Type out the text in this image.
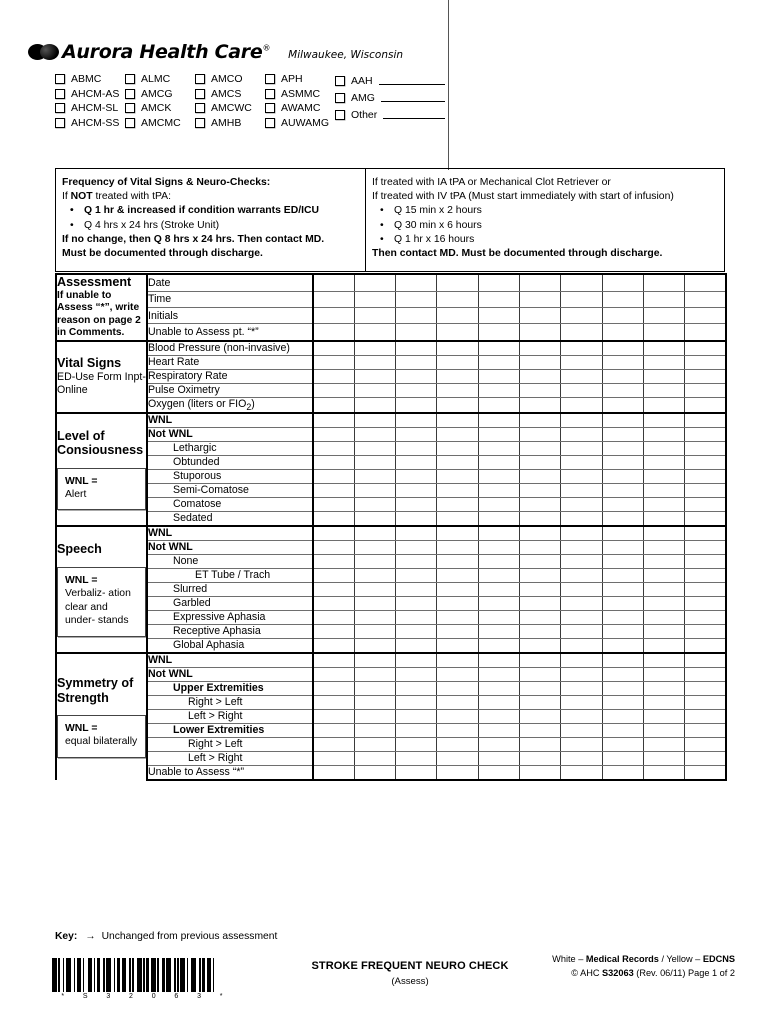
Aurora Health Care®
Milwaukee, Wisconsin
ABMC
AHCM-AS
AHCM-SL
AHCM-SS
ALMC
AMCG
AMCK
AMCMC
AMCO
AMCS
AMCWC
AMHB
APH
ASMMC
AWAMC
AUWAMG
AAH
AMG
Other
Frequency of Vital Signs & Neuro-Checks:
If NOT treated with tPA:
• Q 1 hr & increased if condition warrants ED/ICU
• Q 4 hrs x 24 hrs (Stroke Unit)
If no change, then Q 8 hrs x 24 hrs. Then contact MD.
Must be documented through discharge.
If treated with IA tPA or Mechanical Clot Retriever or
If treated with IV tPA (Must start immediately with start of infusion)
• Q 15 min x 2 hours
• Q 30 min x 6 hours
• Q 1 hr x 16 hours
Then contact MD. Must be documented through discharge.
Assessment
If unable to Assess “*”, write reason on page 2 in Comments.	Date										
	Time										
	Initials										
	Unable to Assess pt. “*”										

Vital Signs
ED-Use Form Inpt-Online	Blood Pressure (non-invasive)										
	Heart Rate										
	Respiratory Rate										
	Pulse Oximetry										
	Oxygen (liters or $FIO_2$)										

Level of Consiousness
WNL =
Alert	WNL										
	Not WNL										
	Lethargic										
	Obtunded										
	Stuporous										
	Semi-Comatose										
	Comatose										
	Sedated										

Speech
WNL =
Verbaliz- ation clear and under- stands	WNL										
	Not WNL										
	None										
	ET Tube / Trach										
	Slurred										
	Garbled										
	Expressive Aphasia										
	Receptive Aphasia										
	Global Aphasia										

Symmetry of Strength
WNL =
equal bilaterally	WNL										
	Not WNL										
	Upper Extremities										
	Right > Left										
	Left > Right										
	Lower Extremities										
	Right > Left										
	Left > Right										
	Unable to Assess “*”										
Key: → Unchanged from previous assessment
*	S	3	2	0	6	3	*
STROKE FREQUENT NEURO CHECK
(Assess)
White – Medical Records / Yellow – EDCNS
© AHC S32063 (Rev. 06/11) Page 1 of 2
